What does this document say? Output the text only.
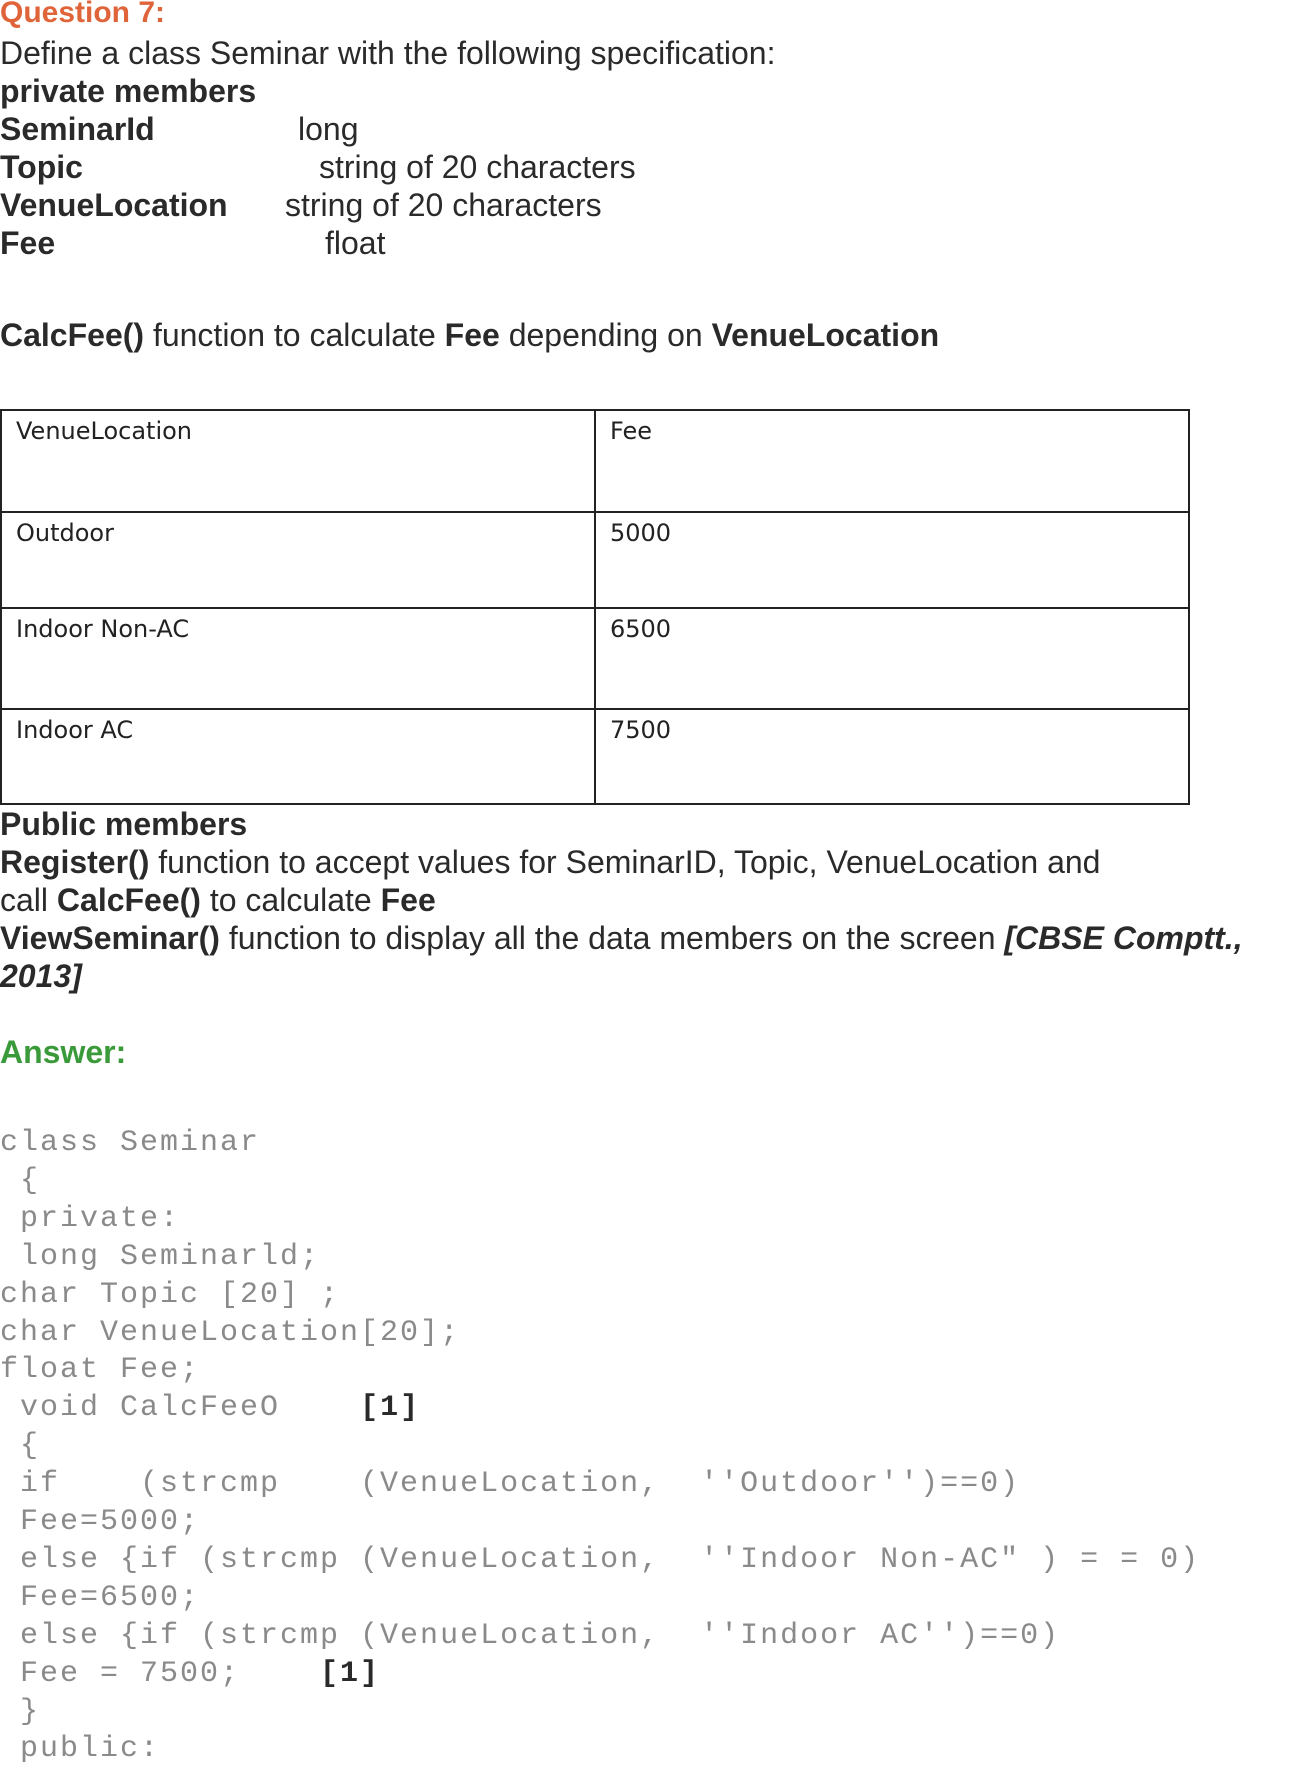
Question 7:
Define a class Seminar with the following specification:
private members
SeminarId	long
Topic	string of 20 characters
VenueLocation string of 20 characters
Fee	float
CalcFee() function to calculate Fee depending on VenueLocation
VenueLocation	Fee
Outdoor	5000
Indoor Non-AC	6500
Indoor AC	7500
Public members
Register() function to accept values for SeminarID, Topic, VenueLocation and
call CalcFee() to calculate Fee
ViewSeminar() function to display all the data members on the screen [CBSE Comptt.,
2013]
Answer:
class Seminar
{
private:
long Seminarld;
char Topic [20] ;
char VenueLocation[20];
float Fee;
void CalcFeeO    [1]
{
if    (strcmp    (VenueLocation,  ''Outdoor'')==0)
Fee=5000;
else {if (strcmp (VenueLocation,  ''Indoor Non-AC" ) = = 0)
Fee=6500;
else {if (strcmp (VenueLocation,  ''Indoor AC'')==0)
Fee = 7500;    [1]
}
public:
